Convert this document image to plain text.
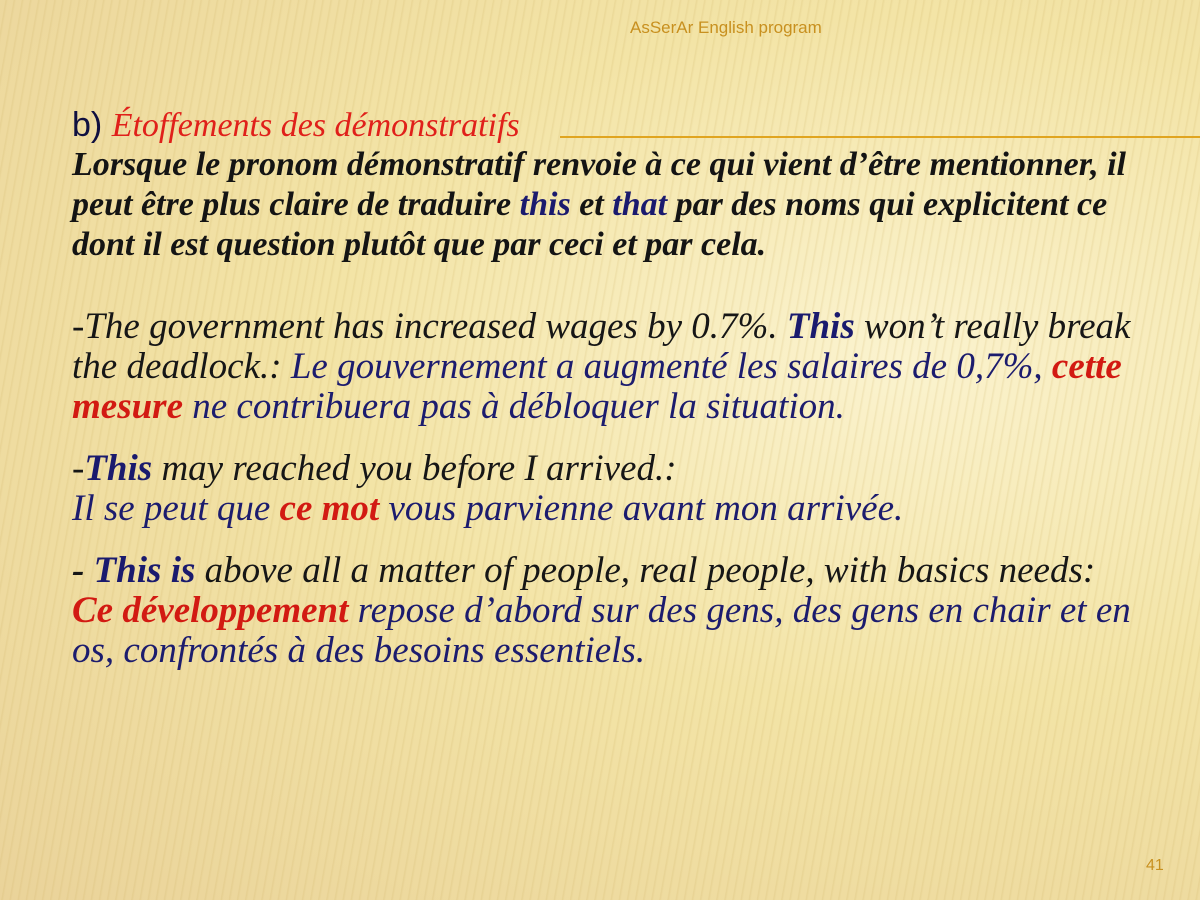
AsSerAr English program

b) Étoffements des démonstratifs

Lorsque le pronom démonstratif renvoie à ce qui vient d’être mentionner, il peut être plus claire de traduire this et that par des noms qui explicitent ce dont il est question plutôt que par ceci et par cela.

-The government has increased wages by 0.7%. This won’t really break the deadlock.: Le gouvernement a augmenté les salaires de 0,7%, cette mesure ne contribuera pas à débloquer la situation.

-This may reached you before I arrived.:
Il se peut que ce mot vous parvienne avant mon arrivée.

- This is above all a matter of people, real people, with basics needs:
Ce développement repose d’abord sur des gens, des gens en chair et en os, confrontés à des besoins essentiels.

41
